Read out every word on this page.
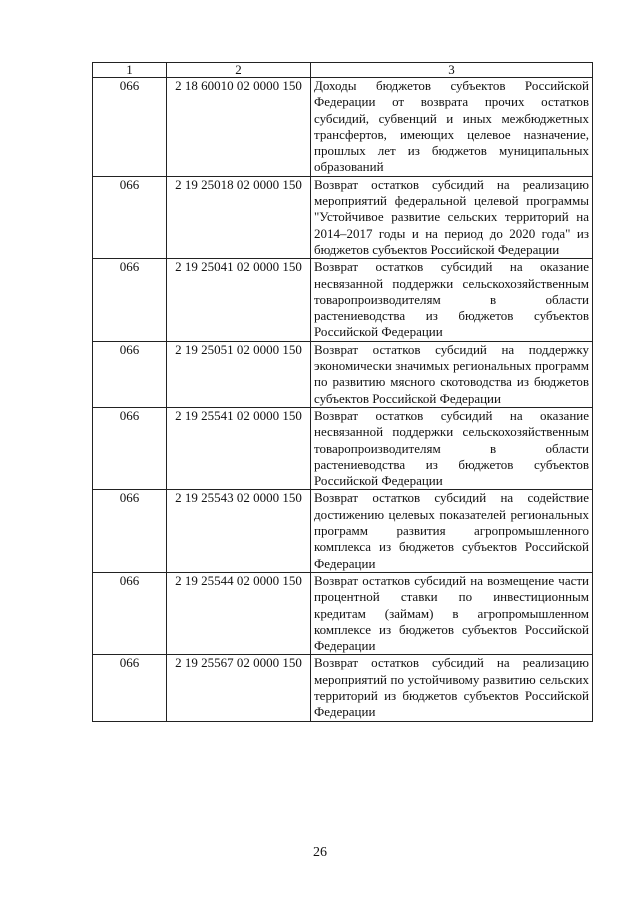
1	2	3
066	2 18 60010 02 0000 150	Доходы бюджетов субъектов Российской Федерации от возврата прочих остатков субсидий, субвенций и иных межбюджетных трансфертов, имеющих целевое назначение, прошлых лет из бюджетов муниципальных образований
066	2 19 25018 02 0000 150	Возврат остатков субсидий на реализацию мероприятий федеральной целевой программы "Устойчивое развитие сельских территорий на 2014–2017 годы и на период до 2020 года" из бюджетов субъектов Российской Федерации
066	2 19 25041 02 0000 150	Возврат остатков субсидий на оказание несвязанной поддержки сельскохозяйственным товаропроизводителям в области растениеводства из бюджетов субъектов Российской Федерации
066	2 19 25051 02 0000 150	Возврат остатков субсидий на поддержку экономически значимых региональных программ по развитию мясного скотоводства из бюджетов субъектов Российской Федерации
066	2 19 25541 02 0000 150	Возврат остатков субсидий на оказание несвязанной поддержки сельскохозяйственным товаропроизводителям в области растениеводства из бюджетов субъектов Российской Федерации
066	2 19 25543 02 0000 150	Возврат остатков субсидий на содействие достижению целевых показателей региональных программ развития агропромышленного комплекса из бюджетов субъектов Российской Федерации
066	2 19 25544 02 0000 150	Возврат остатков субсидий на возмещение части процентной ставки по инвестиционным кредитам (займам) в агропромышленном комплексе из бюджетов субъектов Российской Федерации
066	2 19 25567 02 0000 150	Возврат остатков субсидий на реализацию мероприятий по устойчивому развитию сельских территорий из бюджетов субъектов Российской Федерации
26
